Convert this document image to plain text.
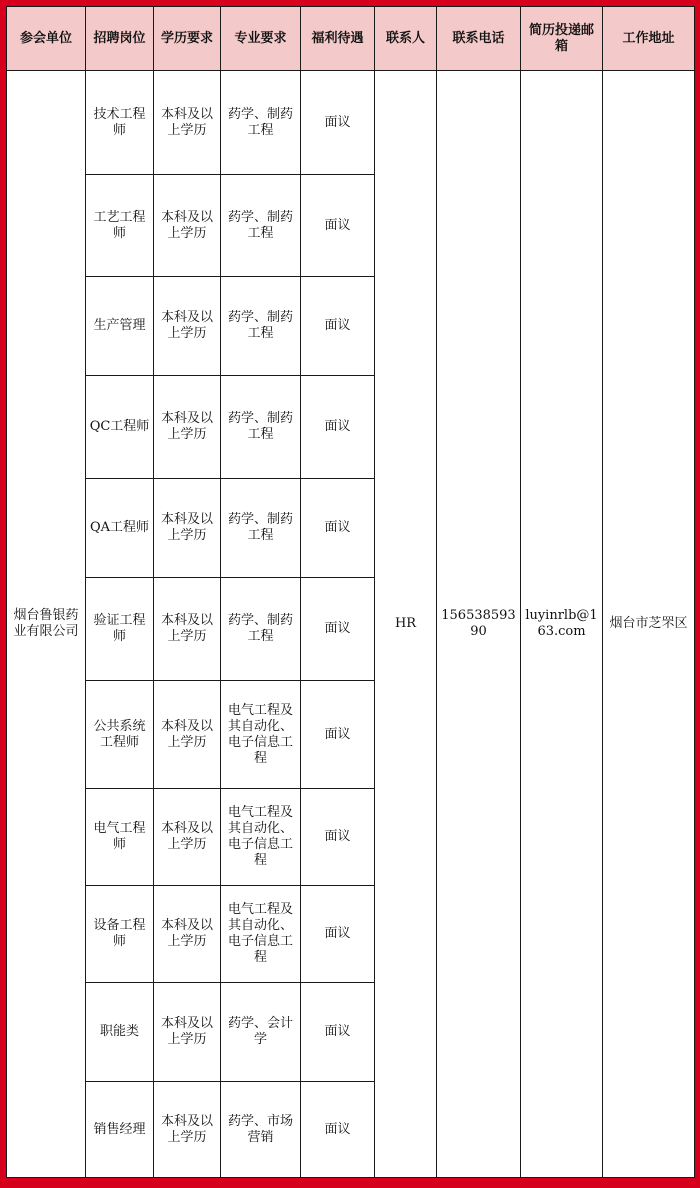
参会单位	招聘岗位	学历要求	专业要求	福利待遇	联系人	联系电话	简历投递邮箱	工作地址
烟台鲁银药业有限公司	技术工程师	本科及以上学历	药学、制药工程	面议	HR	15653859390	luyinrlb@163.com	烟台市芝罘区
	工艺工程师	本科及以上学历	药学、制药工程	面议				
	生产管理	本科及以上学历	药学、制药工程	面议				
	QC工程师	本科及以上学历	药学、制药工程	面议				
	QA工程师	本科及以上学历	药学、制药工程	面议				
	验证工程师	本科及以上学历	药学、制药工程	面议				
	公共系统工程师	本科及以上学历	电气工程及其自动化、电子信息工程	面议				
	电气工程师	本科及以上学历	电气工程及其自动化、电子信息工程	面议				
	设备工程师	本科及以上学历	电气工程及其自动化、电子信息工程	面议				
	职能类	本科及以上学历	药学、会计学	面议				
	销售经理	本科及以上学历	药学、市场营销	面议				
